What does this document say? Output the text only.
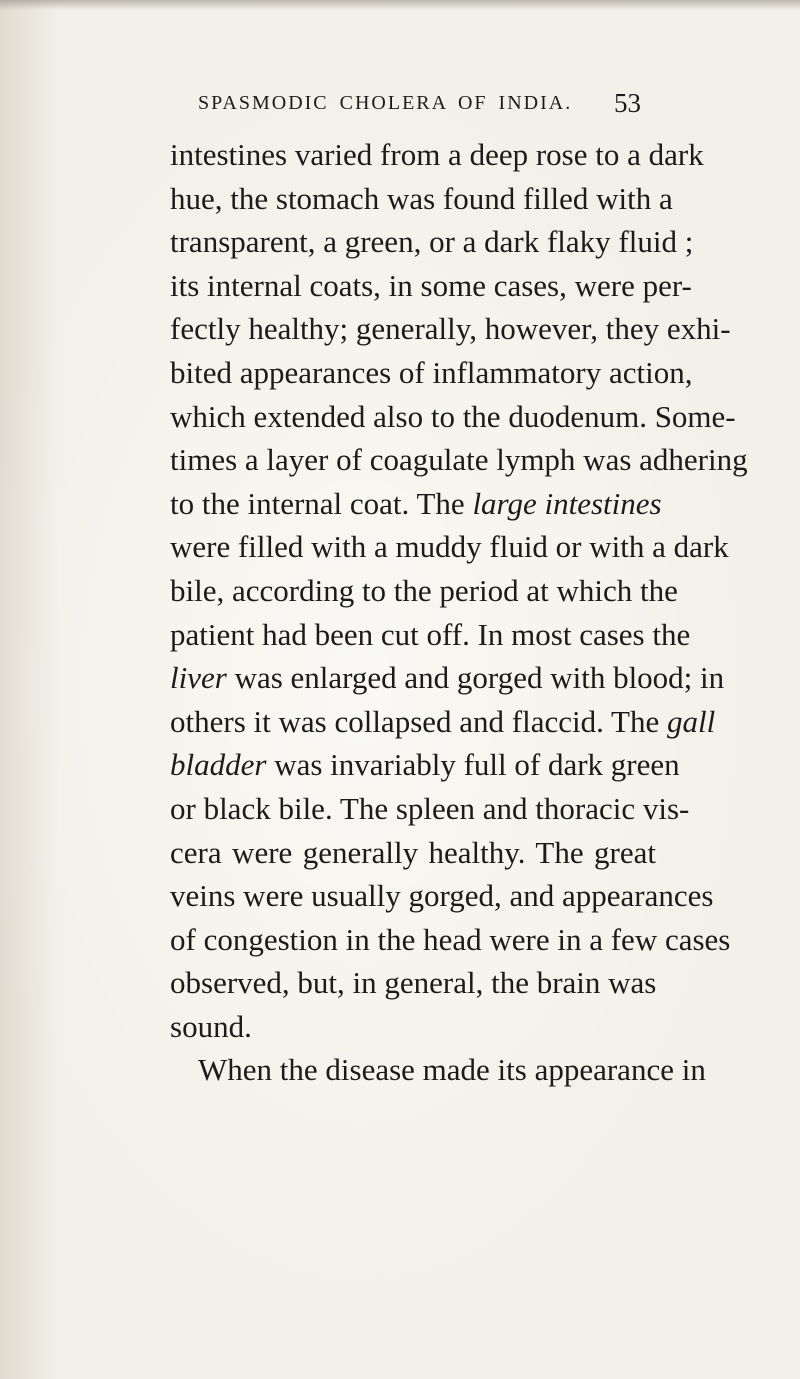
SPASMODIC CHOLERA OF INDIA. 53
intestines varied from a deep rose to a dark
hue, the stomach was found filled with a
transparent, a green, or a dark flaky fluid ;
its internal coats, in some cases, were per-
fectly healthy; generally, however, they exhi-
bited appearances of inflammatory action,
which extended also to the duodenum. Some-
times a layer of coagulate lymph was adhering
to the internal coat. The large intestines
were filled with a muddy fluid or with a dark
bile, according to the period at which the
patient had been cut off. In most cases the
liver was enlarged and gorged with blood; in
others it was collapsed and flaccid. The gall
bladder was invariably full of dark green
or black bile. The spleen and thoracic vis-
cera were generally healthy. The great
veins were usually gorged, and appearances
of congestion in the head were in a few cases
observed, but, in general, the brain was
sound.
When the disease made its appearance in
